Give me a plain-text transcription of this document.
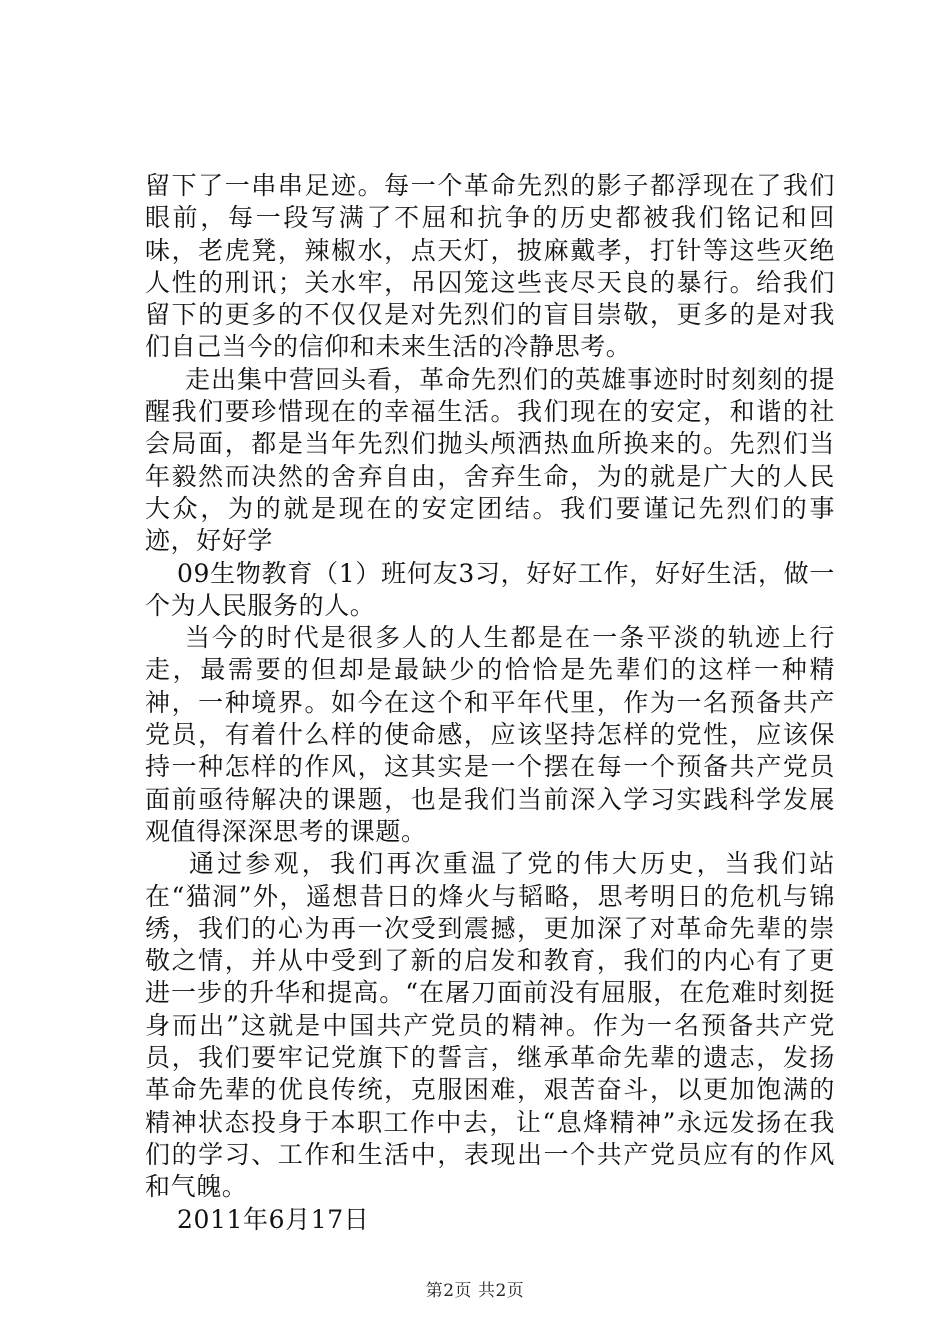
留下了一串串足迹。每一个革命先烈的影子都浮现在了我们眼前，每一段写满了不屈和抗争的历史都被我们铭记和回味，老虎凳，辣椒水，点天灯，披麻戴孝，打针等这些灭绝人性的刑讯；关水牢，吊囚笼这些丧尽天良的暴行。给我们留下的更多的不仅仅是对先烈们的盲目崇敬，更多的是对我们自己当今的信仰和未来生活的冷静思考。

走出集中营回头看，革命先烈们的英雄事迹时时刻刻的提醒我们要珍惜现在的幸福生活。我们现在的安定，和谐的社会局面，都是当年先烈们抛头颅洒热血所换来的。先烈们当年毅然而决然的舍弃自由，舍弃生命，为的就是广大的人民大众，为的就是现在的安定团结。我们要谨记先烈们的事迹，好好学

09生物教育（1）班何友3习，好好工作，好好生活，做一个为人民服务的人。

当今的时代是很多人的人生都是在一条平淡的轨迹上行走，最需要的但却是最缺少的恰恰是先辈们的这样一种精神，一种境界。如今在这个和平年代里，作为一名预备共产党员，有着什么样的使命感，应该坚持怎样的党性，应该保持一种怎样的作风，这其实是一个摆在每一个预备共产党员面前亟待解决的课题，也是我们当前深入学习实践科学发展观值得深深思考的课题。

通过参观，我们再次重温了党的伟大历史，当我们站在“猫洞”外，遥想昔日的烽火与韬略，思考明日的危机与锦绣，我们的心为再一次受到震撼，更加深了对革命先辈的崇敬之情，并从中受到了新的启发和教育，我们的内心有了更进一步的升华和提高。“在屠刀面前没有屈服，在危难时刻挺身而出”这就是中国共产党员的精神。作为一名预备共产党员，我们要牢记党旗下的誓言，继承革命先辈的遗志，发扬革命先辈的优良传统，克服困难，艰苦奋斗，以更加饱满的精神状态投身于本职工作中去，让“息烽精神”永远发扬在我们的学习、工作和生活中，表现出一个共产党员应有的作风和气魄。

2011年6月17日

第2页 共2页
